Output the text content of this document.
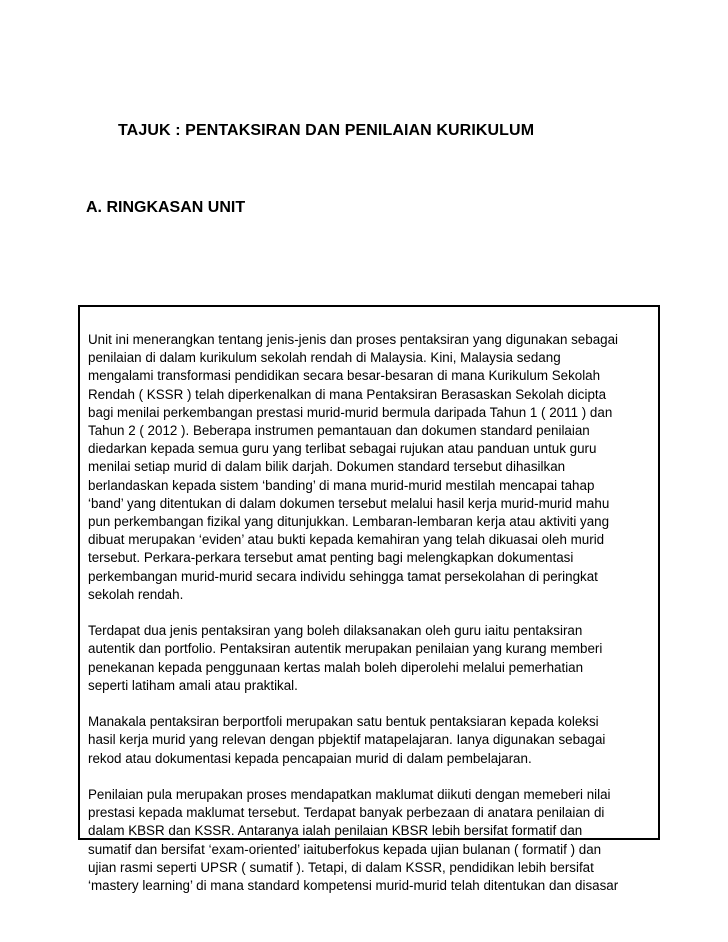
TAJUK : PENTAKSIRAN DAN PENILAIAN KURIKULUM
A. RINGKASAN UNIT

Unit ini menerangkan tentang jenis-jenis dan proses pentaksiran yang digunakan sebagai
penilaian di dalam kurikulum sekolah rendah di Malaysia. Kini, Malaysia sedang
mengalami transformasi pendidikan secara besar-besaran di mana Kurikulum Sekolah
Rendah ( KSSR ) telah diperkenalkan di mana Pentaksiran Berasaskan Sekolah dicipta
bagi menilai perkembangan prestasi murid-murid bermula daripada Tahun 1 ( 2011 ) dan
Tahun 2 ( 2012 ). Beberapa instrumen pemantauan dan dokumen standard penilaian
diedarkan kepada semua guru yang terlibat sebagai rujukan atau panduan untuk guru
menilai setiap murid di dalam bilik darjah. Dokumen standard tersebut dihasilkan
berlandaskan kepada sistem ‘banding’ di mana murid-murid mestilah mencapai tahap
‘band’ yang ditentukan di dalam dokumen tersebut melalui hasil kerja murid-murid mahu
pun perkembangan fizikal yang ditunjukkan. Lembaran-lembaran kerja atau aktiviti yang
dibuat merupakan ‘eviden’ atau bukti kepada kemahiran yang telah dikuasai oleh murid
tersebut. Perkara-perkara tersebut amat penting bagi melengkapkan dokumentasi
perkembangan murid-murid secara individu sehingga tamat persekolahan di peringkat
sekolah rendah.

Terdapat dua jenis pentaksiran yang boleh dilaksanakan oleh guru iaitu pentaksiran
autentik dan portfolio. Pentaksiran autentik merupakan penilaian yang kurang memberi
penekanan kepada penggunaan kertas malah boleh diperolehi melalui pemerhatian
seperti latiham amali atau praktikal.

Manakala pentaksiran berportfoli merupakan satu bentuk pentaksiaran kepada koleksi
hasil kerja murid yang relevan dengan pbjektif matapelajaran. Ianya digunakan sebagai
rekod atau dokumentasi kepada pencapaian murid di dalam pembelajaran.

Penilaian pula merupakan proses mendapatkan maklumat diikuti dengan memeberi nilai
prestasi kepada maklumat tersebut. Terdapat banyak perbezaan di anatara penilaian di
dalam KBSR dan KSSR. Antaranya ialah penilaian KBSR lebih bersifat formatif dan
sumatif dan bersifat ‘exam-oriented’ iaituberfokus kepada ujian bulanan ( formatif ) dan
ujian rasmi seperti UPSR ( sumatif ). Tetapi, di dalam KSSR, pendidikan lebih bersifat
‘mastery learning’ di mana standard kompetensi murid-murid telah ditentukan dan disasar
